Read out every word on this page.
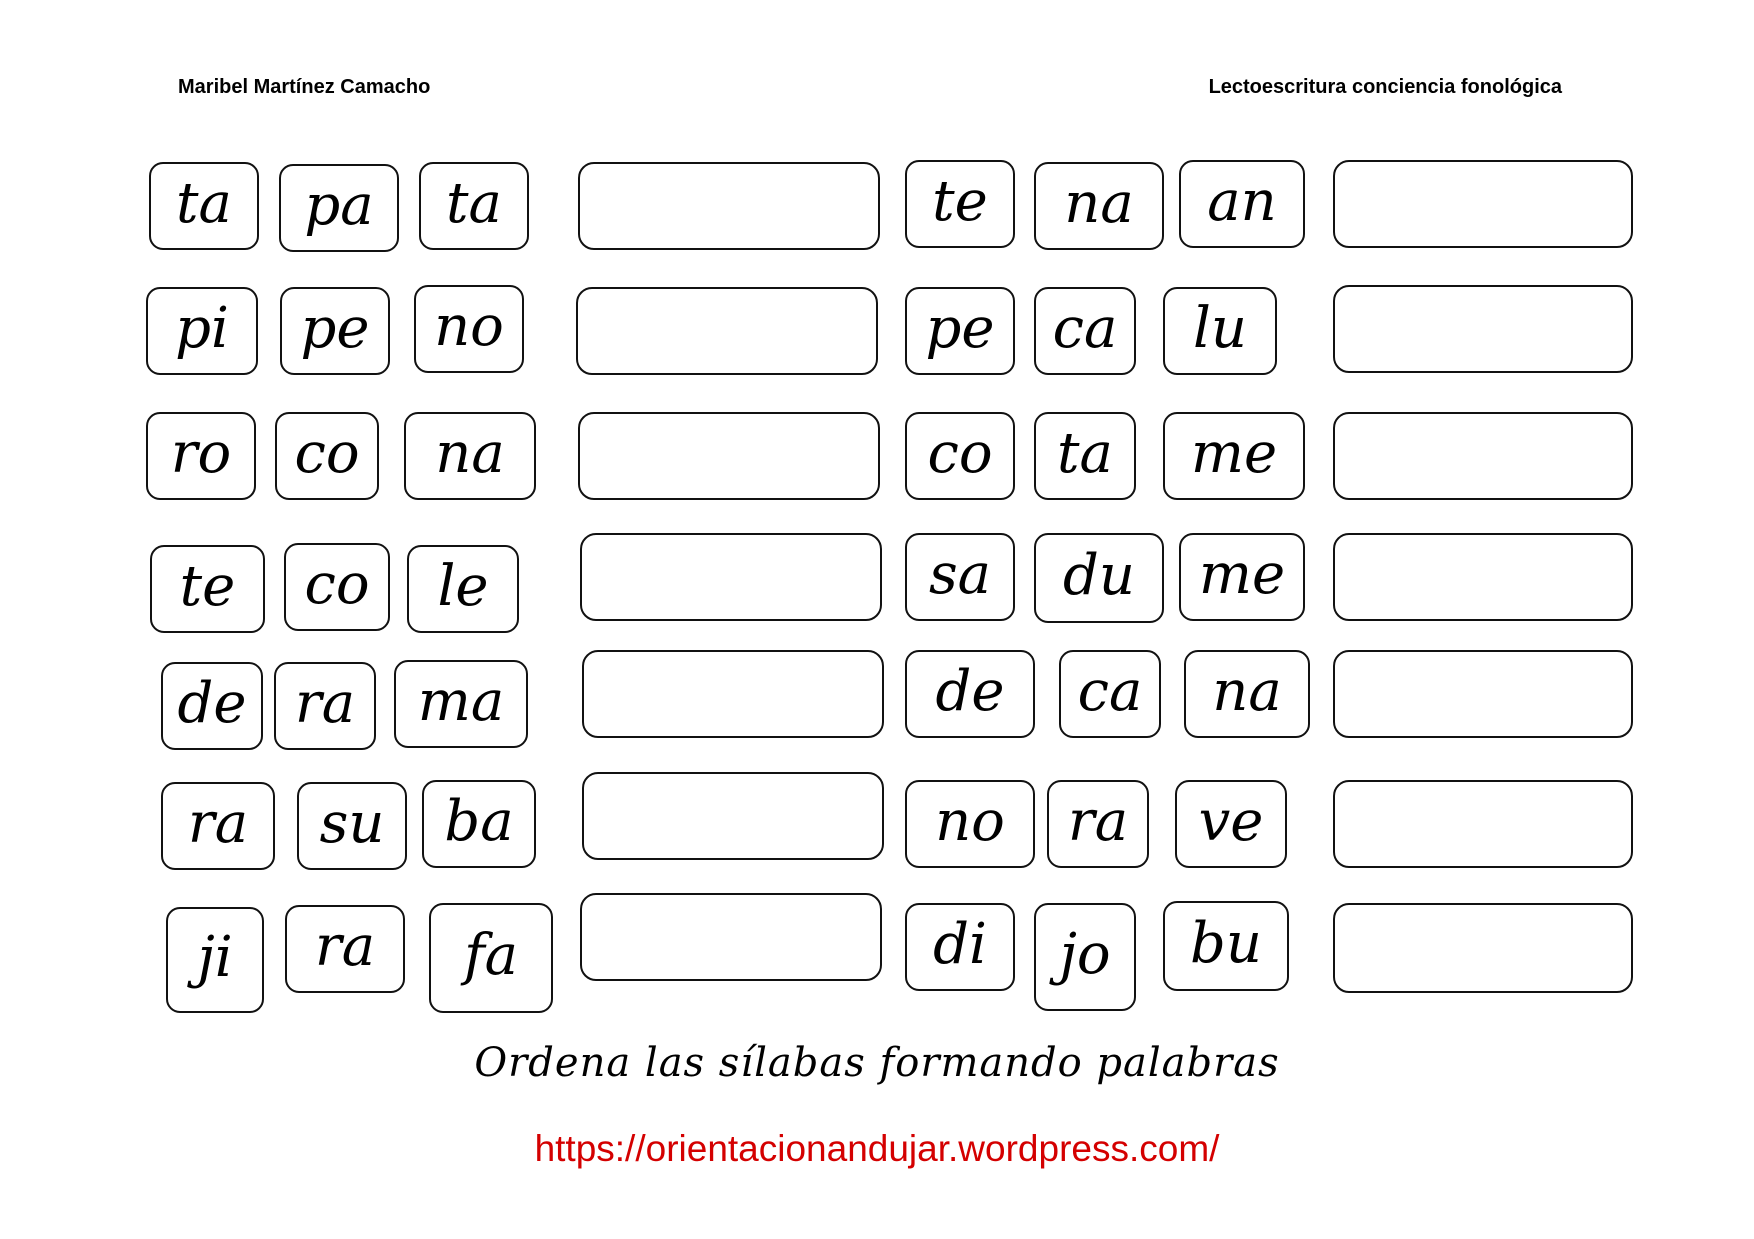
Maribel Martínez Camacho	Lectoescritura conciencia fonológica
ta pa ta
pi pe no
ro co na
te co le
de ra ma
ra su ba
ji ra fa
te na an
pe ca lu
co ta me
sa du me
de ca na
no ra ve
di jo bu
Ordena las sílabas formando palabras
https://orientacionandujar.wordpress.com/
